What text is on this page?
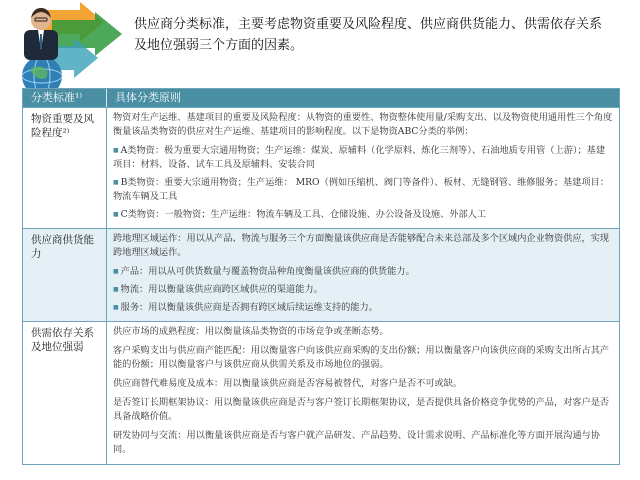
供应商分类标准，主要考虑物资重要及风险程度、供应商供货能力、供需依存关系及地位强弱三个方面的因素。
分类标准¹⁾	具体分类原则
物资重要及风险程度²⁾

物资对生产运维、基建项目的重要及风险程度：从物资的重要性、物资整体使用量/采购支出、以及物资使用通用性三个角度衡量该品类物资的供应对生产运维、基建项目的影响程度。以下是物资ABC分类的举例：

■ A类物资：极为重要大宗通用物资；生产运维：煤炭、原辅料（化学原料、炼化三剂等）、石油地质专用管（上游）；基建项目：材料、设备、试车工具及原辅料、安装合同

■ B类物资：重要大宗通用物资；生产运维： MRO（例如压缩机、阀门等备件）、板材、无缝钢管、维修服务；基建项目：物流车辆及工具

■ C类物资：一般物资；生产运维：物流车辆及工具、仓储设施、办公设备及设施、外部人工

供应商供货能力

跨地理区域运作：用以从产品、物流与服务三个方面衡量该供应商是否能够配合未来总部及多个区域内企业物资供应，实现跨地理区域运作。

■ 产品：用以从可供货数量与覆盖物资品种角度衡量该供应商的供货能力。

■ 物流：用以衡量该供应商跨区域供应的渠道能力。

■ 服务：用以衡量该供应商是否拥有跨区域后续运维支持的能力。

供需依存关系及地位强弱

供应市场的成熟程度：用以衡量该品类物资的市场竞争或垄断态势。

客户采购支出与供应商产能匹配：用以衡量客户向该供应商采购的支出份额；用以衡量客户向该供应商的采购支出所占其产能的份额；用以衡量客户与该供应商从供需关系及市场地位的强弱。

供应商替代难易度及成本：用以衡量该供应商是否容易被替代，对客户是否不可或缺。

是否签订长期框架协议：用以衡量该供应商是否与客户签订长期框架协议，是否提供具备价格竞争优势的产品，对客户是否具备战略价值。

研发协同与交流：用以衡量该供应商是否与客户就产品研发、产品趋势、设计需求说明、产品标准化等方面开展沟通与协同。
